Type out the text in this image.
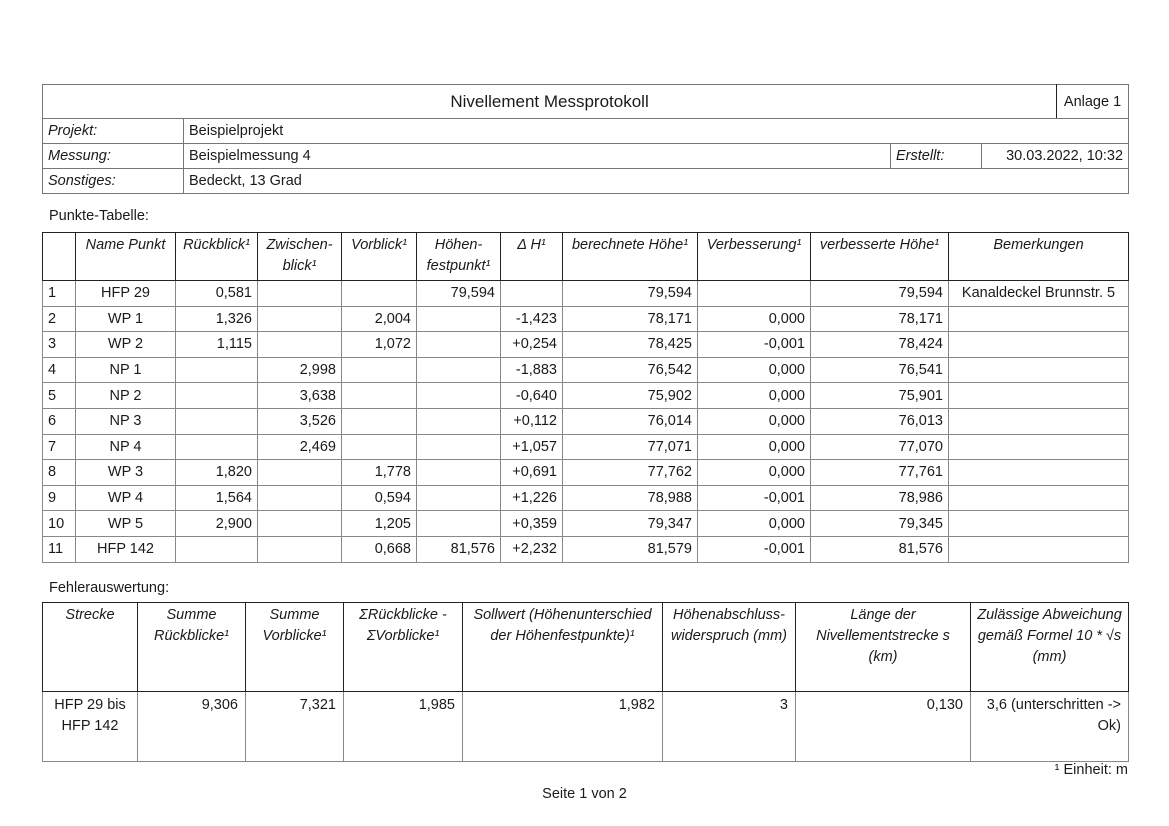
Nivellement Messprotokoll				Anlage 1
Projekt:	Beispielprojekt			
Messung:	Beispielmessung 4	Erstellt:	30.03.2022, 10:32	
Sonstiges:	Bedeckt, 13 Grad			
Punkte-Tabelle:
	Name Punkt	Rückblick¹	Zwischen-blick¹	Vorblick¹	Höhen-festpunkt¹	Δ H¹	berechnete Höhe¹	Verbesserung¹	verbesserte Höhe¹	Bemerkungen
1	HFP 29	0,581			79,594		79,594		79,594	Kanaldeckel Brunnstr. 5
2	WP 1	1,326		2,004		-1,423	78,171	0,000	78,171	
3	WP 2	1,115		1,072		+0,254	78,425	-0,001	78,424	
4	NP 1		2,998			-1,883	76,542	0,000	76,541	
5	NP 2		3,638			-0,640	75,902	0,000	75,901	
6	NP 3		3,526			+0,112	76,014	0,000	76,013	
7	NP 4		2,469			+1,057	77,071	0,000	77,070	
8	WP 3	1,820		1,778		+0,691	77,762	0,000	77,761	
9	WP 4	1,564		0,594		+1,226	78,988	-0,001	78,986	
10	WP 5	2,900		1,205		+0,359	79,347	0,000	79,345	
11	HFP 142			0,668	81,576	+2,232	81,579	-0,001	81,576	
Fehlerauswertung:
Strecke	Summe Rückblicke¹	Summe Vorblicke¹	ΣRückblicke - ΣVorblicke¹	Sollwert (Höhenunterschied der Höhenfestpunkte)¹	Höhenabschluss-widerspruch (mm)	Länge der Nivellementstrecke s (km)	Zulässige Abweichung gemäß Formel 10 * √s (mm)
HFP 29 bis HFP 142	9,306	7,321	1,985	1,982	3	0,130	3,6 (unterschritten -> Ok)
¹ Einheit: m
Seite 1 von 2
